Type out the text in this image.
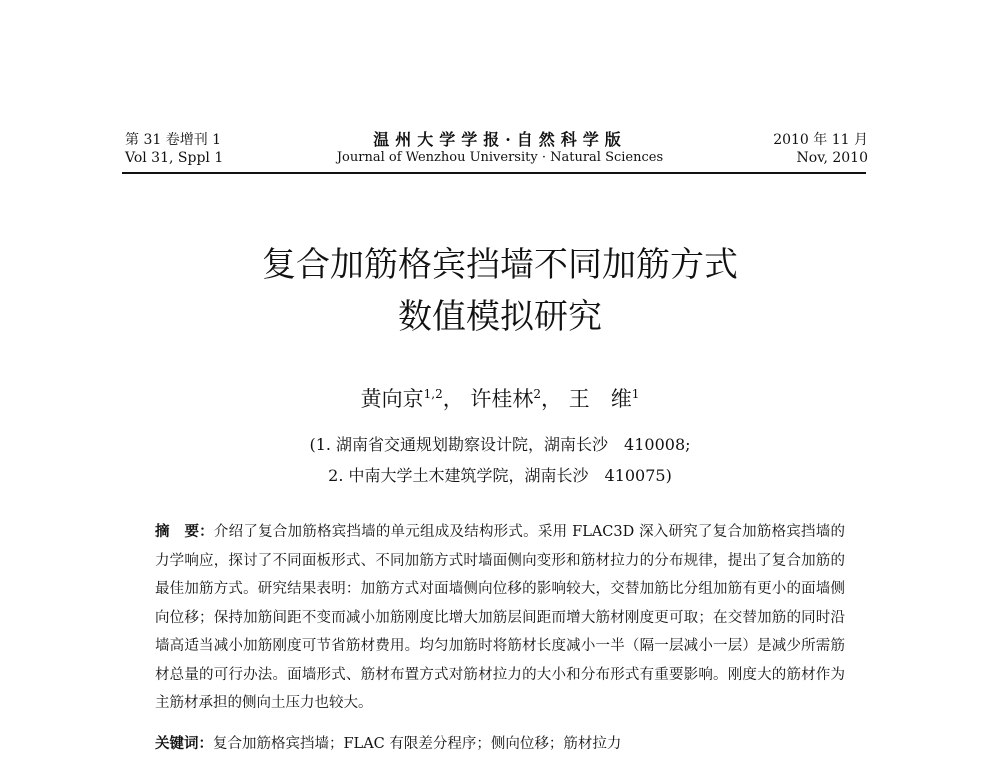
第 31 卷增刊 1
Vol 31, Sppl 1
温州大学学报·自然科学版
Journal of Wenzhou University · Natural Sciences
2010 年 11 月
Nov, 2010
复合加筋格宾挡墙不同加筋方式
数值模拟研究
黄向京$^{1,2}$， 许桂林$^2$， 王　维$^1$
(1. 湖南省交通规划勘察设计院，湖南长沙　410008;
2. 中南大学土木建筑学院，湖南长沙　410075)
摘　要：介绍了复合加筋格宾挡墙的单元组成及结构形式。采用 FLAC3D 深入研究了复合加筋格宾挡墙的力学响应，探讨了不同面板形式、不同加筋方式时墙面侧向变形和筋材拉力的分布规律，提出了复合加筋的最佳加筋方式。研究结果表明：加筋方式对面墙侧向位移的影响较大，交替加筋比分组加筋有更小的面墙侧向位移；保持加筋间距不变而减小加筋刚度比增大加筋层间距而增大筋材刚度更可取；在交替加筋的同时沿墙高适当减小加筋刚度可节省筋材费用。均匀加筋时将筋材长度减小一半（隔一层减小一层）是减少所需筋材总量的可行办法。面墙形式、筋材布置方式对筋材拉力的大小和分布形式有重要影响。刚度大的筋材作为主筋材承担的侧向土压力也较大。
关键词：复合加筋格宾挡墙；FLAC 有限差分程序；侧向位移；筋材拉力
